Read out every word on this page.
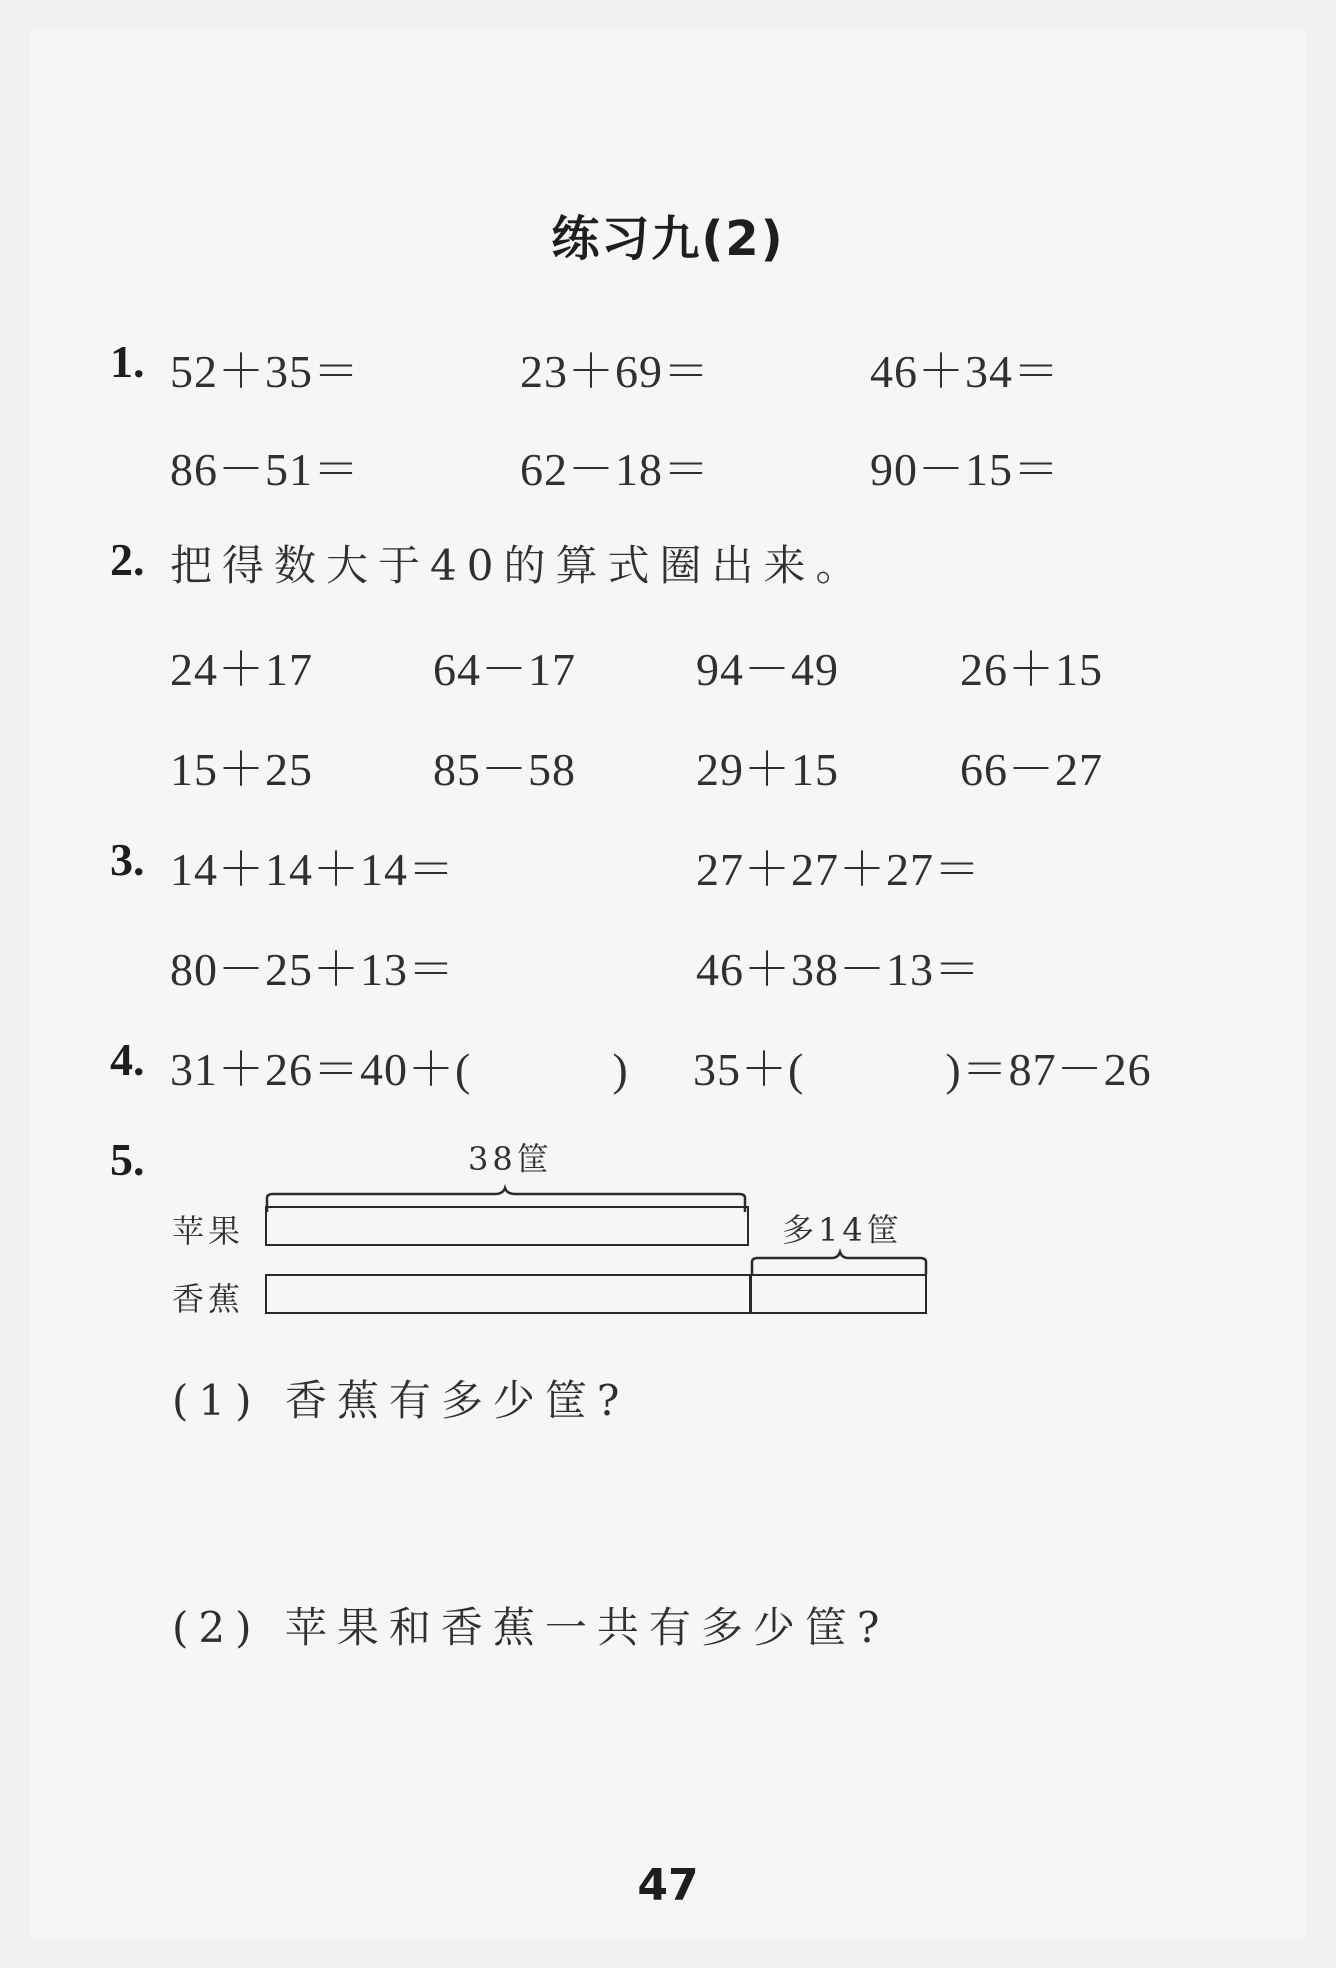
练习九(2)
1. 52＋35＝	23＋69＝	46＋34＝
86－51＝	62－18＝	90－15＝
2. 把得数大于40的算式圈出来。
24＋17	64－17	94－49	26＋15
15＋25	85－58	29＋15	66－27
3. 14＋14＋14＝	27＋27＋27＝
80－25＋13＝	46＋38－13＝
4. 31＋26＝40＋(　　　) 35＋(　　　)＝87－26
5.	38筐
苹果	多14筐
香蕉
(1) 香蕉有多少筐?
(2) 苹果和香蕉一共有多少筐?
47
